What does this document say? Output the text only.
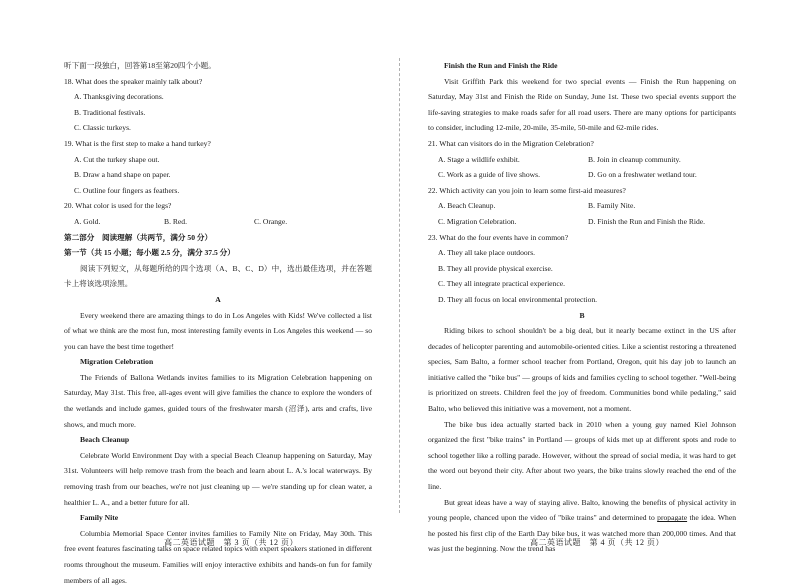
听下面一段独白，回答第18至第20四个小题。

18. What does the speaker mainly talk about?

A. Thanksgiving decorations.

B. Traditional festivals.

C. Classic turkeys.

19. What is the first step to make a hand turkey?

A. Cut the turkey shape out.

B. Draw a hand shape on paper.

C. Outline four fingers as feathers.

20. What color is used for the legs?

A. Gold.	B. Red.	C. Orange.

第二部分　阅读理解（共两节，满分 50 分）

第一节（共 15 小题；每小题 2.5 分，满分 37.5 分）

阅读下列短文，从每题所给的四个选项（A、B、C、D）中，选出最佳选项，并在答题卡上将该选项涂黑。

A

Every weekend there are amazing things to do in Los Angeles with Kids! We've collected a list of what we think are the most fun, most interesting family events in Los Angeles this weekend — so you can have the best time together!

Migration Celebration

The Friends of Ballona Wetlands invites families to its Migration Celebration happening on Saturday, May 31st. This free, all-ages event will give families the chance to explore the wonders of the wetlands and include games, guided tours of the freshwater marsh (沼泽), arts and crafts, live shows, and much more.

Beach Cleanup

Celebrate World Environment Day with a special Beach Cleanup happening on Saturday, May 31st. Volunteers will help remove trash from the beach and learn about L. A.'s local waterways. By removing trash from our beaches, we're not just cleaning up — we're standing up for clean water, a healthier L. A., and a better future for all.

Family Nite

Columbia Memorial Space Center invites families to Family Nite on Friday, May 30th. This free event features fascinating talks on space related topics with expert speakers stationed in different rooms throughout the museum. Families will enjoy interactive exhibits and hands-on fun for family members of all ages.

Finish the Run and Finish the Ride

Visit Griffith Park this weekend for two special events — Finish the Run happening on Saturday, May 31st and Finish the Ride on Sunday, June 1st. These two special events support the life-saving strategies to make roads safer for all road users. There are many options for participants to consider, including 12-mile, 20-mile, 35-mile, 50-mile and 62-mile rides.

21. What can visitors do in the Migration Celebration?

A. Stage a wildlife exhibit.	B. Join in cleanup community.
C. Work as a guide of live shows.	D. Go on a freshwater wetland tour.

22. Which activity can you join to learn some first-aid measures?

A. Beach Cleanup.	B. Family Nite.
C. Migration Celebration.	D. Finish the Run and Finish the Ride.

23. What do the four events have in common?

A. They all take place outdoors.

B. They all provide physical exercise.

C. They all integrate practical experience.

D. They all focus on local environmental protection.

B

Riding bikes to school shouldn't be a big deal, but it nearly became extinct in the US after decades of helicopter parenting and automobile-oriented cities. Like a scientist restoring a threatened species, Sam Balto, a former school teacher from Portland, Oregon, quit his day job to launch an initiative called the "bike bus" — groups of kids and families cycling to school together. "Well-being is prioritized on streets. Children feel the joy of freedom. Communities bond while pedaling," said Balto, who believed this initiative was a movement, not a moment.

The bike bus idea actually started back in 2010 when a young guy named Kiel Johnson organized the first "bike trains" in Portland — groups of kids met up at different spots and rode to school together like a rolling parade. However, without the spread of social media, it was hard to get the word out beyond their city. After about two years, the bike trains slowly reached the end of the line.

But great ideas have a way of staying alive. Balto, knowing the benefits of physical activity in young people, chanced upon the video of "bike trains" and determined to propagate the idea. When he posted his first clip of the Earth Day bike bus, it was watched more than 200,000 times. And that was just the beginning. Now the trend has

高二英语试题　第 3 页（共 12 页）	高二英语试题　第 4 页（共 12 页）
